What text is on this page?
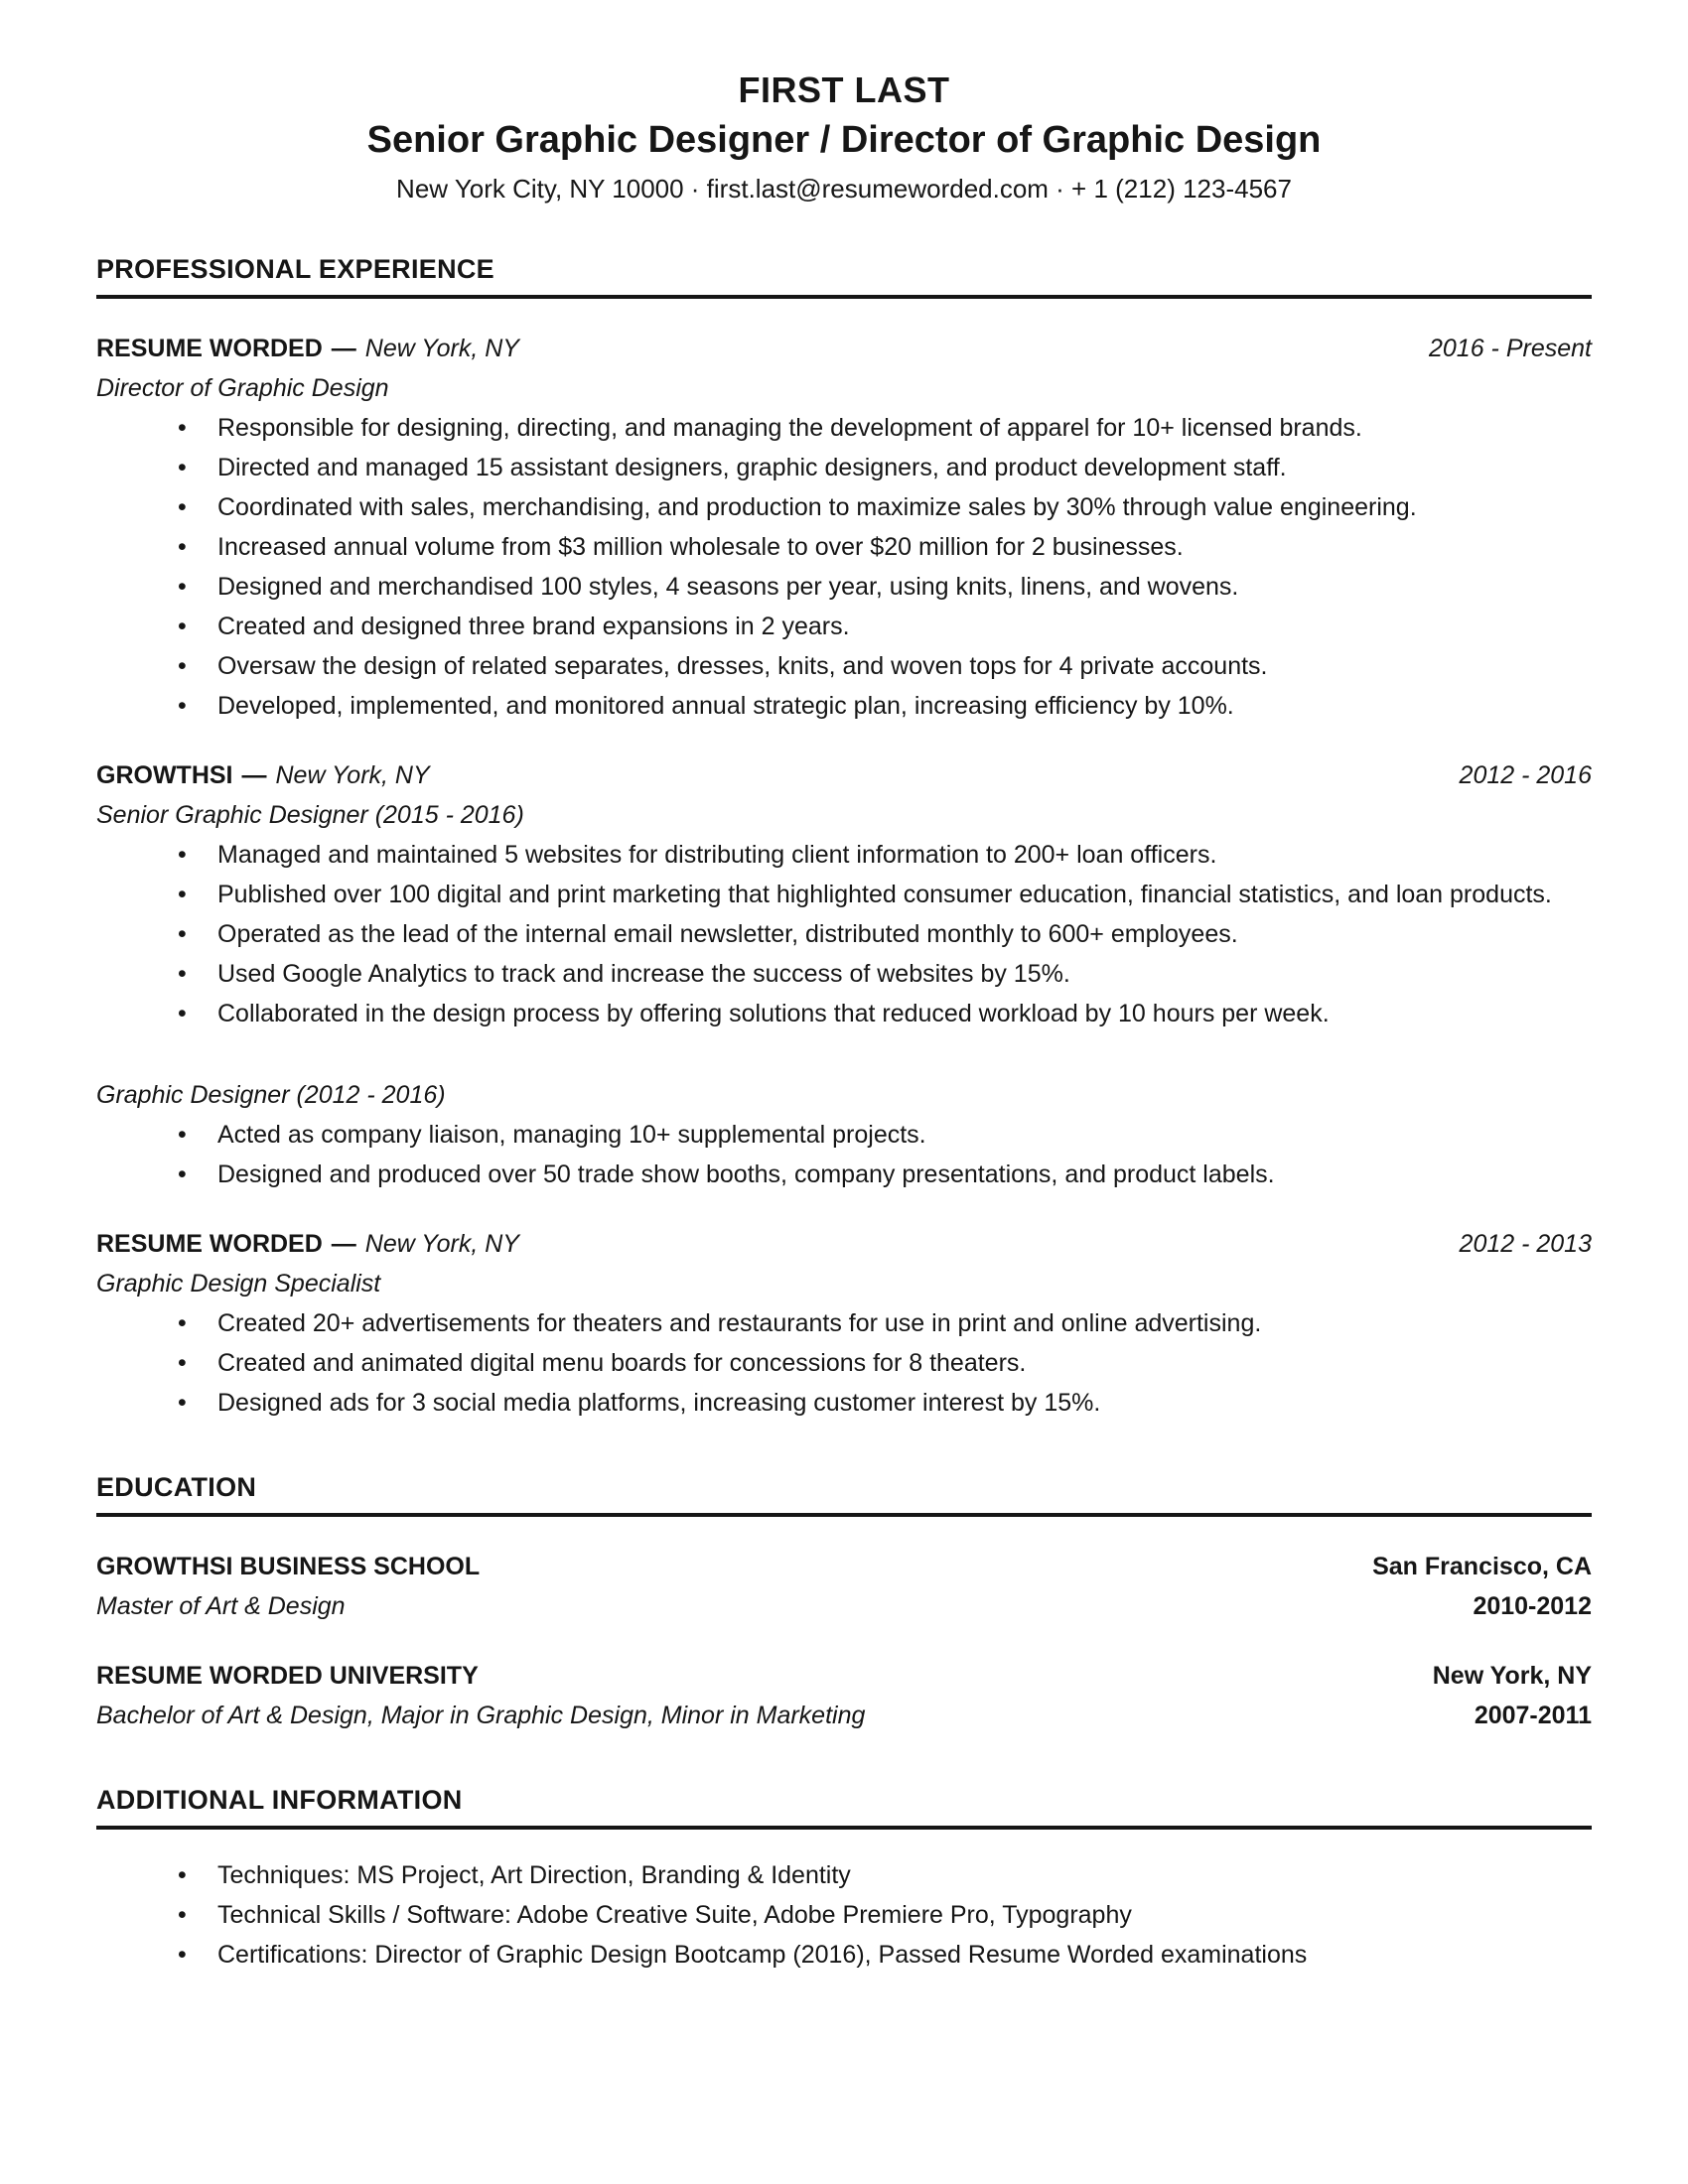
FIRST LAST
Senior Graphic Designer / Director of Graphic Design
New York City, NY 10000 · first.last@resumeworded.com · + 1 (212) 123-4567
PROFESSIONAL EXPERIENCE
RESUME WORDED — New York, NY	2016 - Present
Director of Graphic Design
•	Responsible for designing, directing, and managing the development of apparel for 10+ licensed brands.
•	Directed and managed 15 assistant designers, graphic designers, and product development staff.
•	Coordinated with sales, merchandising, and production to maximize sales by 30% through value engineering.
•	Increased annual volume from $3 million wholesale to over $20 million for 2 businesses.
•	Designed and merchandised 100 styles, 4 seasons per year, using knits, linens, and wovens.
•	Created and designed three brand expansions in 2 years.
•	Oversaw the design of related separates, dresses, knits, and woven tops for 4 private accounts.
•	Developed, implemented, and monitored annual strategic plan, increasing efficiency by 10%.
GROWTHSI — New York, NY	2012 - 2016
Senior Graphic Designer (2015 - 2016)
•	Managed and maintained 5 websites for distributing client information to 200+ loan officers.
•	Published over 100 digital and print marketing that highlighted consumer education, financial statistics, and loan products.
•	Operated as the lead of the internal email newsletter, distributed monthly to 600+ employees.
•	Used Google Analytics to track and increase the success of websites by 15%.
•	Collaborated in the design process by offering solutions that reduced workload by 10 hours per week.
Graphic Designer (2012 - 2016)
•	Acted as company liaison, managing 10+ supplemental projects.
•	Designed and produced over 50 trade show booths, company presentations, and product labels.
RESUME WORDED — New York, NY	2012 - 2013
Graphic Design Specialist
•	Created 20+ advertisements for theaters and restaurants for use in print and online advertising.
•	Created and animated digital menu boards for concessions for 8 theaters.
•	Designed ads for 3 social media platforms, increasing customer interest by 15%.
EDUCATION
GROWTHSI BUSINESS SCHOOL	San Francisco, CA
Master of Art & Design	2010-2012
RESUME WORDED UNIVERSITY	New York, NY
Bachelor of Art & Design, Major in Graphic Design, Minor in Marketing	2007-2011
ADDITIONAL INFORMATION
•	Techniques: MS Project, Art Direction, Branding & Identity
•	Technical Skills / Software: Adobe Creative Suite, Adobe Premiere Pro, Typography
•	Certifications: Director of Graphic Design Bootcamp (2016), Passed Resume Worded examinations
